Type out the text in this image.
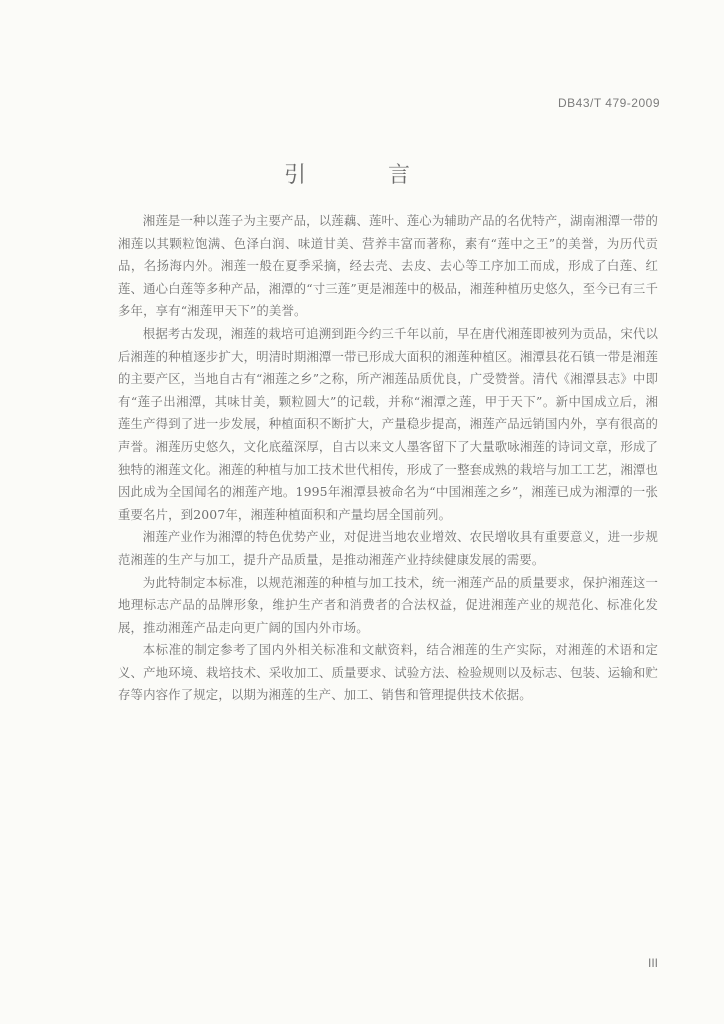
DB43/T 479-2009
引　言

湘莲是一种以莲子为主要产品，以莲藕、莲叶、莲心为辅助产品的名优特产，湖南湘潭一带的湘莲以其颗粒饱满、色泽白润、味道甘美、营养丰富而著称，素有“莲中之王”的美誉，为历代贡品，名扬海内外。湘莲一般在夏季采摘，经去壳、去皮、去心等工序加工而成，形成了白莲、红莲、通心白莲等多种产品，湘潭的“寸三莲”更是湘莲中的极品，湘莲种植历史悠久，至今已有三千多年，享有“湘莲甲天下”的美誉。

根据考古发现，湘莲的栽培可追溯到距今约三千年以前，早在唐代湘莲即被列为贡品，宋代以后湘莲的种植逐步扩大，明清时期湘潭一带已形成大面积的湘莲种植区。湘潭县花石镇一带是湘莲的主要产区，当地自古有“湘莲之乡”之称，所产湘莲品质优良，广受赞誉。清代《湘潭县志》中即有“莲子出湘潭，其味甘美，颗粒圆大”的记载，并称“湘潭之莲，甲于天下”。新中国成立后，湘莲生产得到了进一步发展，种植面积不断扩大，产量稳步提高，湘莲产品远销国内外，享有很高的声誉。湘莲历史悠久，文化底蕴深厚，自古以来文人墨客留下了大量歌咏湘莲的诗词文章，形成了独特的湘莲文化。湘莲的种植与加工技术世代相传，形成了一整套成熟的栽培与加工工艺，湘潭也因此成为全国闻名的湘莲产地。1995年湘潭县被命名为“中国湘莲之乡”，湘莲已成为湘潭的一张重要名片，到2007年，湘莲种植面积和产量均居全国前列。

湘莲产业作为湘潭的特色优势产业，对促进当地农业增效、农民增收具有重要意义，进一步规范湘莲的生产与加工，提升产品质量，是推动湘莲产业持续健康发展的需要。

为此特制定本标准，以规范湘莲的种植与加工技术，统一湘莲产品的质量要求，保护湘莲这一地理标志产品的品牌形象，维护生产者和消费者的合法权益，促进湘莲产业的规范化、标准化发展，推动湘莲产品走向更广阔的国内外市场。

本标准的制定参考了国内外相关标准和文献资料，结合湘莲的生产实际，对湘莲的术语和定义、产地环境、栽培技术、采收加工、质量要求、试验方法、检验规则以及标志、包装、运输和贮存等内容作了规定，以期为湘莲的生产、加工、销售和管理提供技术依据。

III
